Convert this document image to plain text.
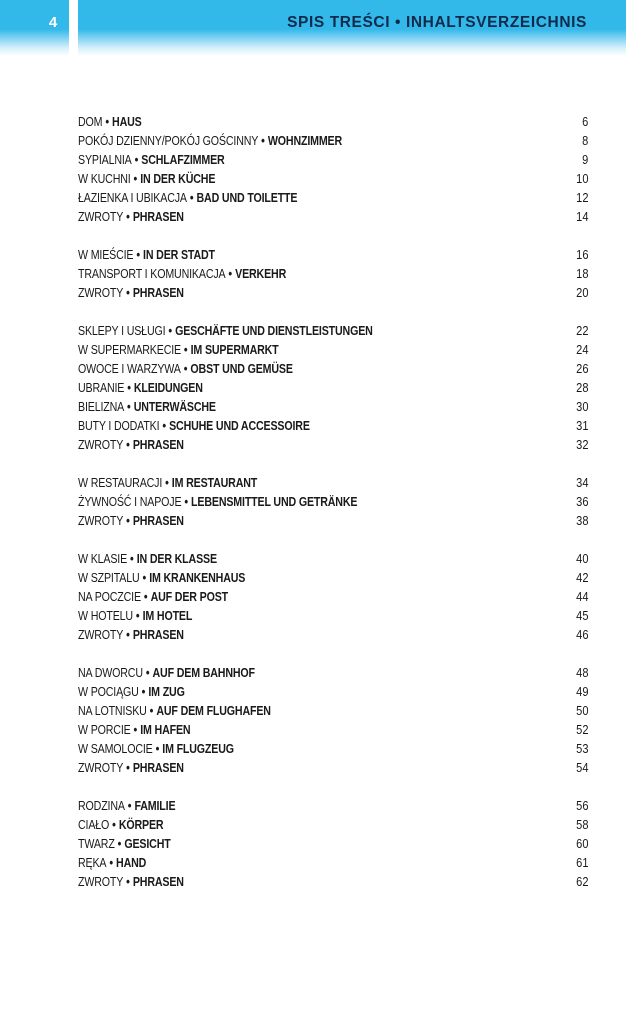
4	SPIS TREŚCI • INHALTSVERZEICHNIS
DOM • HAUS	6
POKÓJ DZIENNY/POKÓJ GOŚCINNY • WOHNZIMMER	8
SYPIALNIA • SCHLAFZIMMER	9
W KUCHNI • IN DER KÜCHE	10
ŁAZIENKA I UBIKACJA • BAD UND TOILETTE	12
ZWROTY • PHRASEN	14
W MIEŚCIE • IN DER STADT	16
TRANSPORT I KOMUNIKACJA • VERKEHR	18
ZWROTY • PHRASEN	20
SKLEPY I USŁUGI • GESCHÄFTE UND DIENSTLEISTUNGEN	22
W SUPERMARKECIE • IM SUPERMARKT	24
OWOCE I WARZYWA • OBST UND GEMÜSE	26
UBRANIE • KLEIDUNGEN	28
BIELIZNA • UNTERWÄSCHE	30
BUTY I DODATKI • SCHUHE UND ACCESSOIRE	31
ZWROTY • PHRASEN	32
W RESTAURACJI • IM RESTAURANT	34
ŻYWNOŚĆ I NAPOJE • LEBENSMITTEL UND GETRÄNKE	36
ZWROTY • PHRASEN	38
W KLASIE • IN DER KLASSE	40
W SZPITALU • IM KRANKENHAUS	42
NA POCZCIE • AUF DER POST	44
W HOTELU • IM HOTEL	45
ZWROTY • PHRASEN	46
NA DWORCU • AUF DEM BAHNHOF	48
W POCIĄGU • IM ZUG	49
NA LOTNISKU • AUF DEM FLUGHAFEN	50
W PORCIE • IM HAFEN	52
W SAMOLOCIE • IM FLUGZEUG	53
ZWROTY • PHRASEN	54
RODZINA • FAMILIE	56
CIAŁO • KÖRPER	58
TWARZ • GESICHT	60
RĘKA • HAND	61
ZWROTY • PHRASEN	62
